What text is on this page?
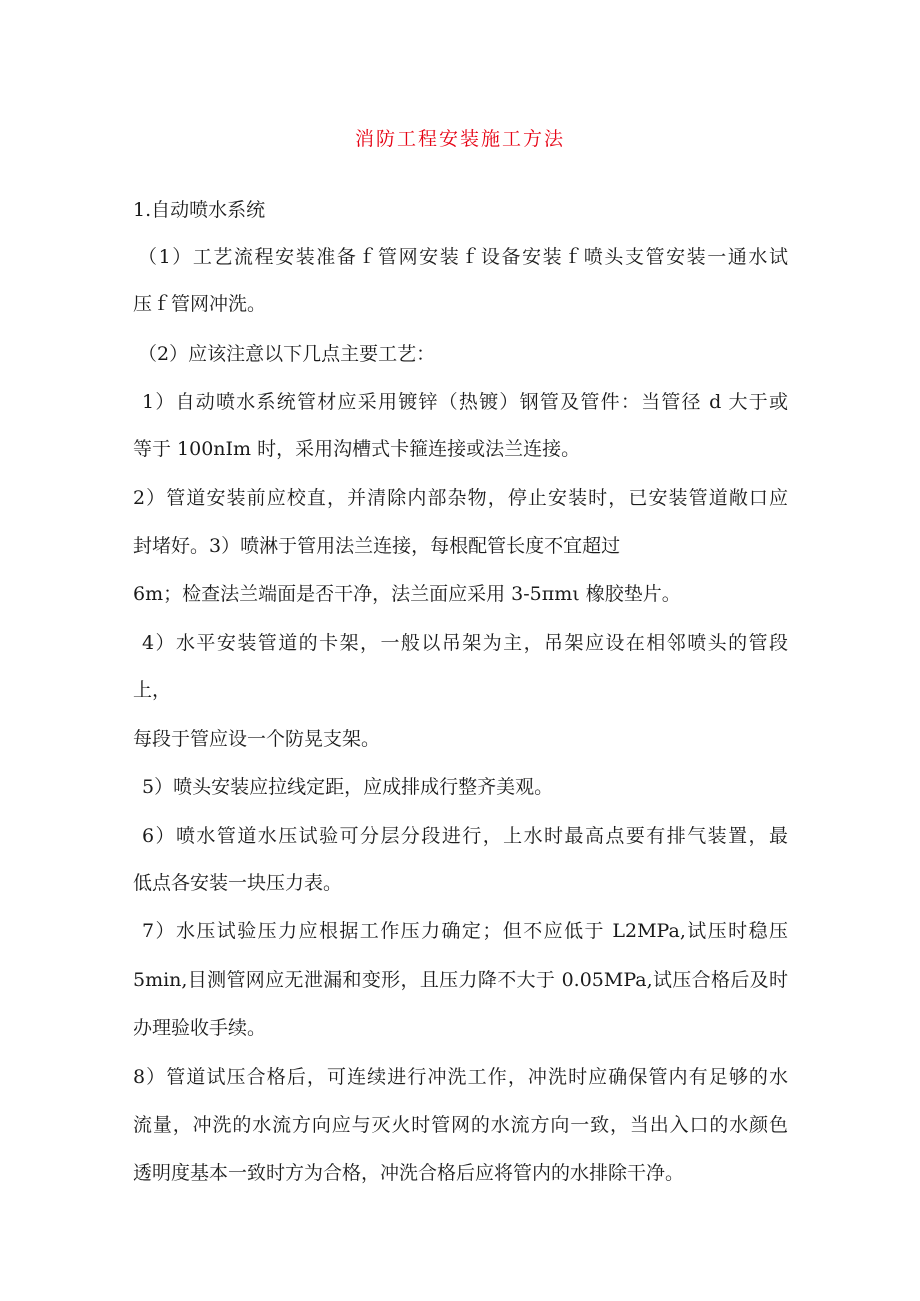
消防工程安装施工方法
1.自动喷水系统
（1）工艺流程安装准备ｆ管网安装ｆ设备安装ｆ喷头支管安装一通水试
压ｆ管网冲洗。
（2）应该注意以下几点主要工艺：
1）自动喷水系统管材应采用镀锌（热镀）钢管及管件：当管径 d 大于或
等于 100nIm 时，采用沟槽式卡箍连接或法兰连接。
2）管道安装前应校直，并清除内部杂物，停止安装时，已安装管道敞口应
封堵好。3）喷淋于管用法兰连接，每根配管长度不宜超过
6m；检查法兰端面是否干净，法兰面应采用 3-5πmι 橡胶垫片。
4）水平安装管道的卡架，一般以吊架为主，吊架应设在相邻喷头的管段
上，
每段于管应设一个防晃支架。
5）喷头安装应拉线定距，应成排成行整齐美观。
6）喷水管道水压试验可分层分段进行，上水时最高点要有排气装置，最
低点各安装一块压力表。
7）水压试验压力应根据工作压力确定；但不应低于 L2MPa,试压时稳压
5min,目测管网应无泄漏和变形，且压力降不大于 0.05MPa,试压合格后及时
办理验收手续。
8）管道试压合格后，可连续进行冲洗工作，冲洗时应确保管内有足够的水
流量，冲洗的水流方向应与灭火时管网的水流方向一致，当出入口的水颜色
透明度基本一致时方为合格，冲洗合格后应将管内的水排除干净。
